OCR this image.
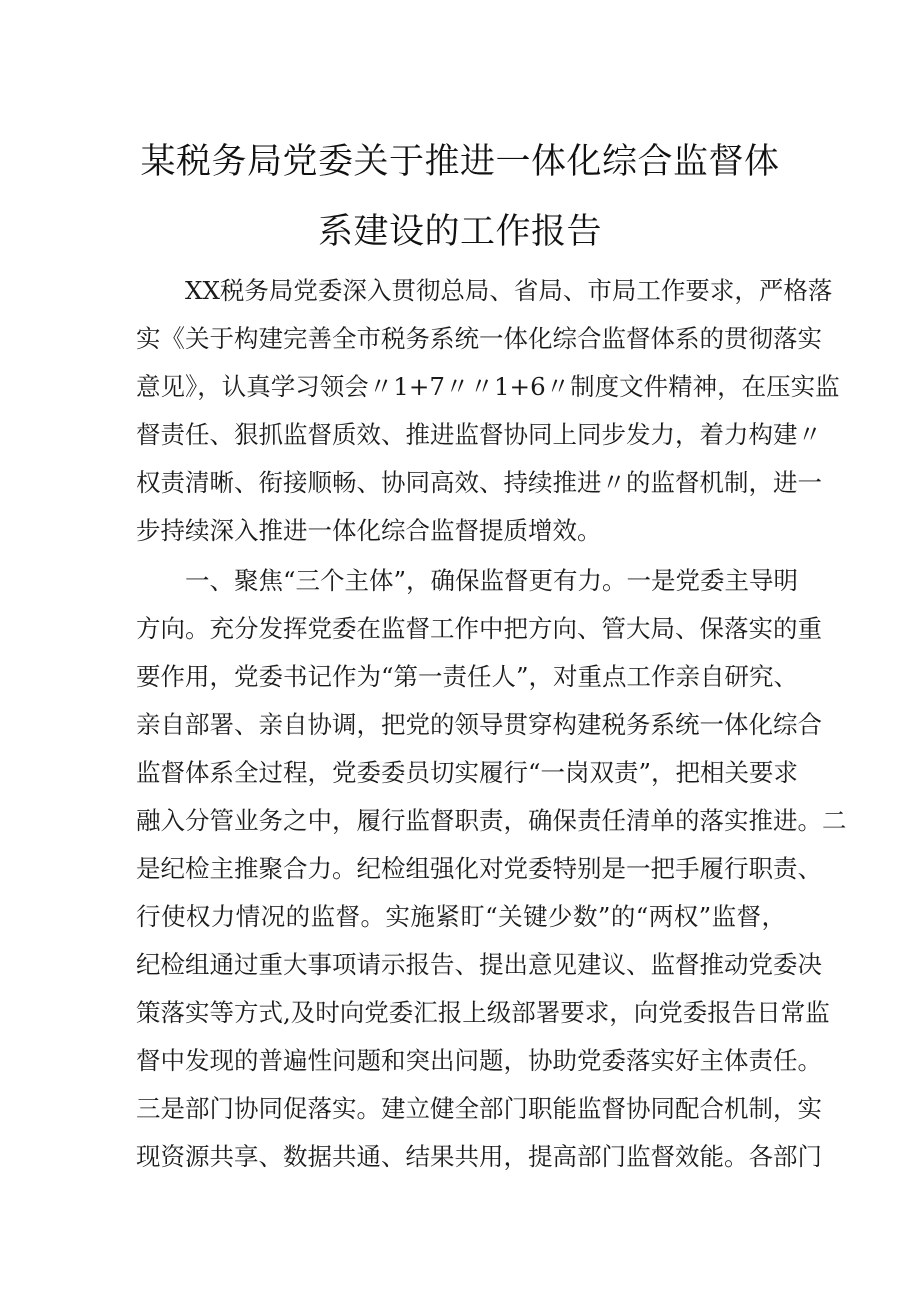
某税务局党委关于推进一体化综合监督体
系建设的工作报告
XX税务局党委深入贯彻总局、省局、市局工作要求，严格落
实《关于构建完善全市税务系统一体化综合监督体系的贯彻落实
意见》，认真学习领会〃1+7〃〃1+6〃制度文件精神，在压实监
督责任、狠抓监督质效、推进监督协同上同步发力，着力构建〃
权责清晰、衔接顺畅、协同高效、持续推进〃的监督机制，进一
步持续深入推进一体化综合监督提质增效。
一、聚焦“三个主体”，确保监督更有力。一是党委主导明
方向。充分发挥党委在监督工作中把方向、管大局、保落实的重
要作用，党委书记作为“第一责任人”，对重点工作亲自研究、
亲自部署、亲自协调，把党的领导贯穿构建税务系统一体化综合
监督体系全过程，党委委员切实履行“一岗双责”，把相关要求
融入分管业务之中，履行监督职责，确保责任清单的落实推进。二
是纪检主推聚合力。纪检组强化对党委特别是一把手履行职责、
行使权力情况的监督。实施紧盯“关键少数”的“两权”监督，
纪检组通过重大事项请示报告、提出意见建议、监督推动党委决
策落实等方式,及时向党委汇报上级部署要求，向党委报告日常监
督中发现的普遍性问题和突出问题，协助党委落实好主体责任。
三是部门协同促落实。建立健全部门职能监督协同配合机制，实
现资源共享、数据共通、结果共用，提高部门监督效能。各部门
